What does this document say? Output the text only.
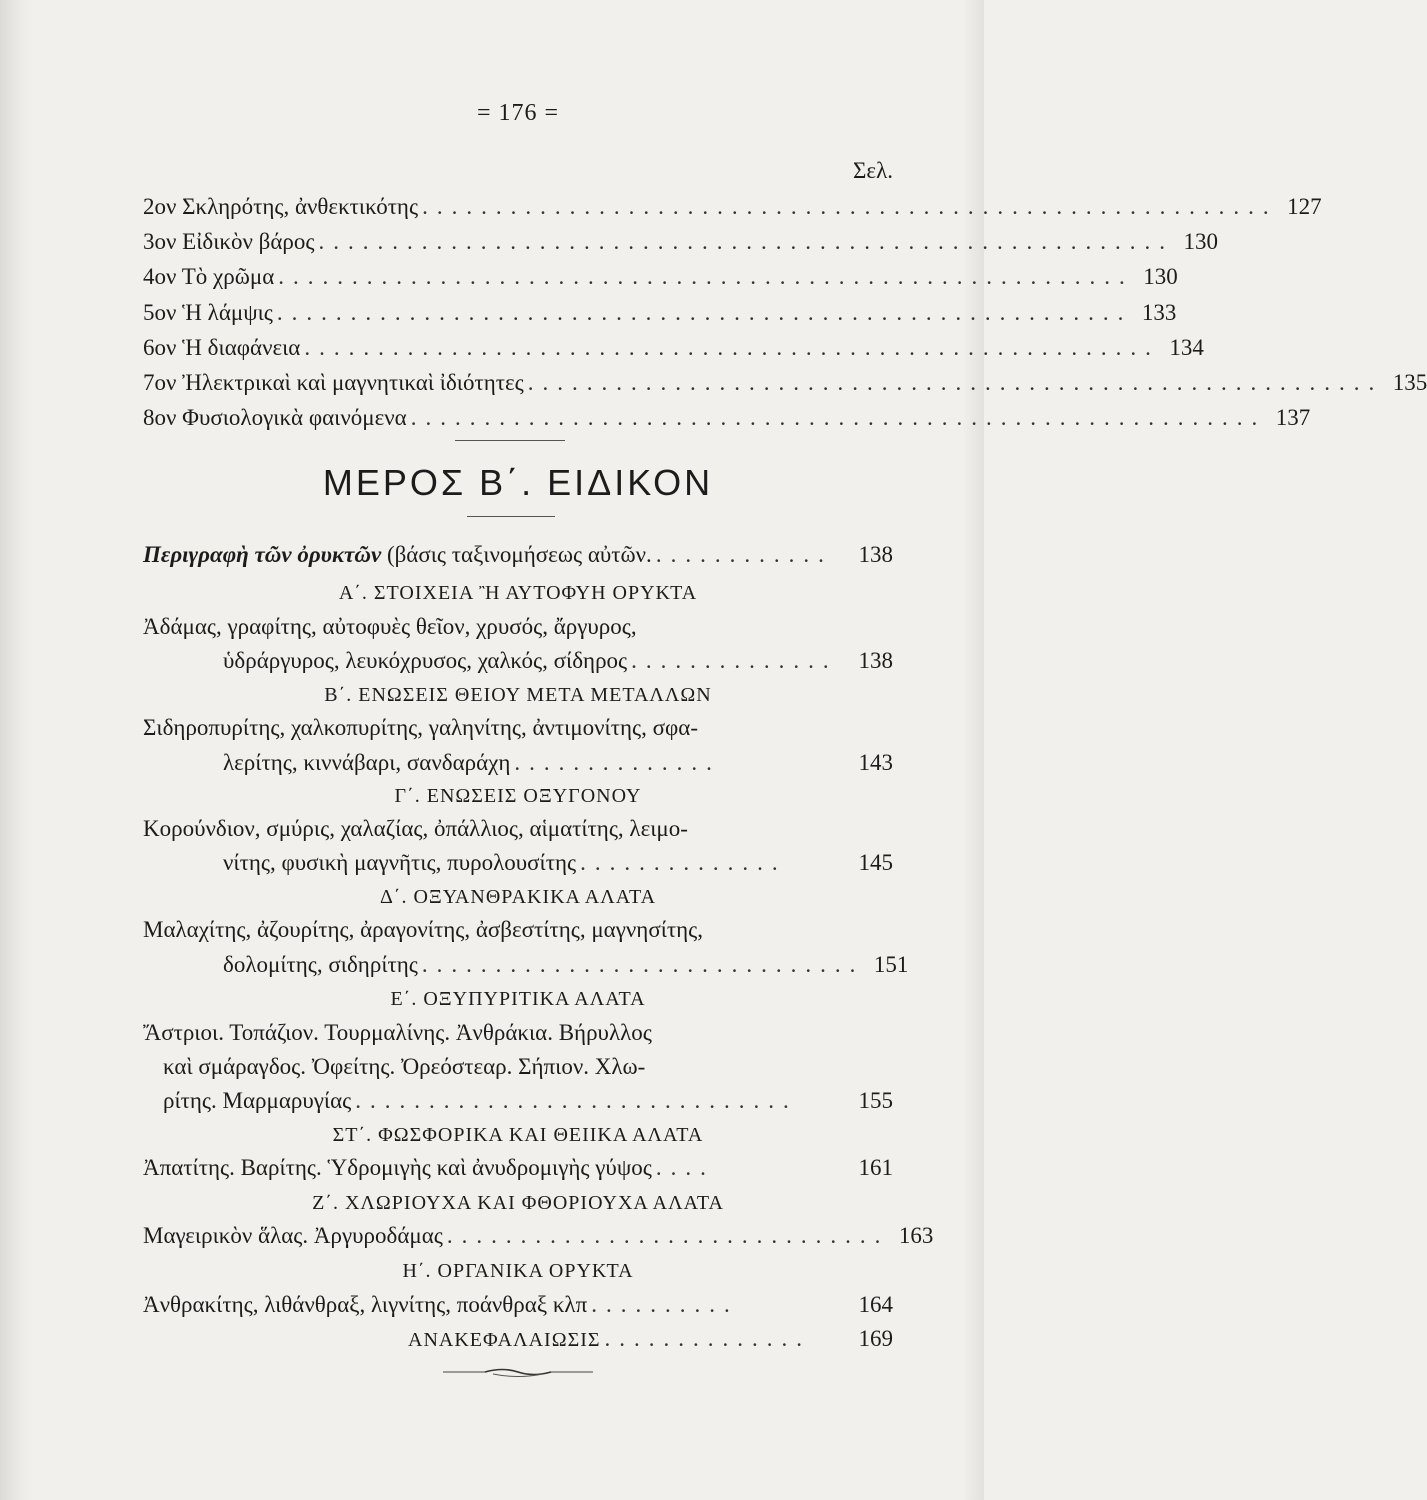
= 176 =
Σελ.
2ον Σκληρότης, ἀνθεκτικότης .......................................................... 127
3ον Εἰδικὸν βάρος .......................................................... 130
4ον Τὸ χρῶμα .......................................................... 130
5ον Ἡ λάμψις .......................................................... 133
6ον Ἡ διαφάνεια .......................................................... 134
7ον Ἠλεκτρικαὶ καὶ μαγνητικαὶ ἰδιότητες .......................................................... 135
8ον Φυσιολογικὰ φαινόμενα .......................................................... 137
ΜΕΡΟΣ Β΄. ΕΙΔΙΚΟΝ
Περιγραφὴ τῶν ὀρυκτῶν (βάσις ταξινομήσεως αὐτῶν. ............	138
Α΄. ΣΤΟΙΧΕΙΑ Ἢ ΑΥΤΟΦΥΗ ΟΡΥΚΤΑ
Ἀδάμας, γραφίτης, αὐτοφυὲς θεῖον, χρυσός, ἄργυρος,
ὑδράργυρος, λευκόχρυσος, χαλκός, σίδηρος .............. 138
Β΄. ΕΝΩΣΕΙΣ ΘΕΙΟΥ ΜΕΤΑ ΜΕΤΑΛΛΩΝ
Σιδηροπυρίτης, χαλκοπυρίτης, γαληνίτης, ἀντιμονίτης, σφα-
λερίτης, κιννάβαρι, σανδαράχη ..............	143
Γ΄. ΕΝΩΣΕΙΣ ΟΞΥΓΟΝΟΥ
Κορούνδιον, σμύρις, χαλαζίας, ὀπάλλιος, αἱματίτης, λειμο-
νίτης, φυσικὴ μαγνῆτις, πυρολουσίτης ..............	145
Δ΄. ΟΞΥΑΝΘΡΑΚΙΚΑ ΑΛΑΤΑ
Μαλαχίτης, ἀζουρίτης, ἀραγονίτης, ἀσβεστίτης, μαγνησίτης,
δολομίτης, σιδηρίτης .............................. 151
Ε΄. ΟΞΥΠΥΡΙΤΙΚΑ ΑΛΑΤΑ
Ἄστριοι. Τοπάζιον. Τουρμαλίνης. Ἀνθράκια. Βήρυλλος
καὶ σμάραγδος. Ὀφείτης. Ὀρεόστεαρ. Σήπιον. Χλω-
ρίτης. Μαρμαρυγίας ..............................	155
ΣΤ΄. ΦΩΣΦΟΡΙΚΑ ΚΑΙ ΘΕΙΙΚΑ ΑΛΑΤΑ
Ἀπατίτης. Βαρίτης. Ὑδρομιγὴς καὶ ἀνυδρομιγὴς γύψος ....	161
Ζ΄. ΧΛΩΡΙΟΥΧΑ ΚΑΙ ΦΘΟΡΙΟΥΧΑ ΑΛΑΤΑ
Μαγειρικὸν ἅλας. Ἀργυροδάμας .............................. 163
Η΄. ΟΡΓΑΝΙΚΑ ΟΡΥΚΤΑ
Ἀνθρακίτης, λιθάνθραξ, λιγνίτης, ποάνθραξ κλπ ..........	164
ΑΝΑΚΕΦΑΛΑΙΩΣΙΣ ..............	169
